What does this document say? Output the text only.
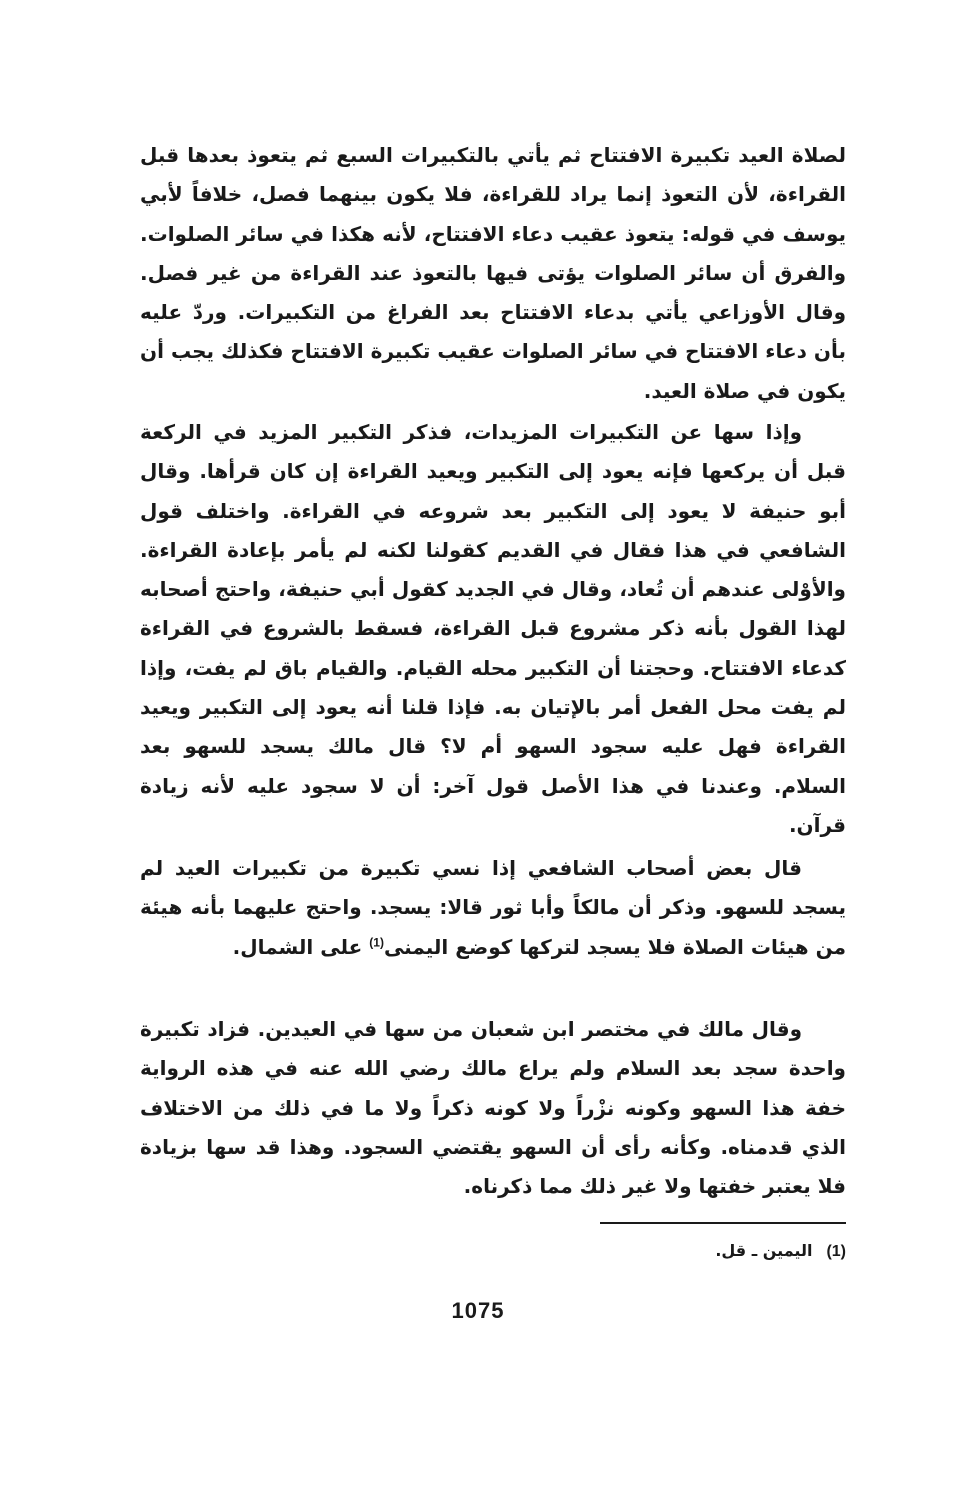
لصلاة العيد تكبيرة الافتتاح ثم يأتي بالتكبيرات السبع ثم يتعوذ بعدها قبل القراءة، لأن التعوذ إنما يراد للقراءة، فلا يكون بينهما فصل، خلافاً لأبي يوسف في قوله: يتعوذ عقيب دعاء الافتتاح، لأنه هكذا في سائر الصلوات. والفرق أن سائر الصلوات يؤتى فيها بالتعوذ عند القراءة من غير فصل. وقال الأوزاعي يأتي بدعاء الافتتاح بعد الفراغ من التكبيرات. وردّ عليه بأن دعاء الافتتاح في سائر الصلوات عقيب تكبيرة الافتتاح فكذلك يجب أن يكون في صلاة العيد.

وإذا سها عن التكبيرات المزيدات، فذكر التكبير المزيد في الركعة قبل أن يركعها فإنه يعود إلى التكبير ويعيد القراءة إن كان قرأها. وقال أبو حنيفة لا يعود إلى التكبير بعد شروعه في القراءة. واختلف قول الشافعي في هذا فقال في القديم كقولنا لكنه لم يأمر بإعادة القراءة. والأوْلى عندهم أن تُعاد، وقال في الجديد كقول أبي حنيفة، واحتج أصحابه لهذا القول بأنه ذكر مشروع قبل القراءة، فسقط بالشروع في القراءة كدعاء الافتتاح. وحجتنا أن التكبير محله القيام. والقيام باق لم يفت، وإذا لم يفت محل الفعل أمر بالإتيان به. فإذا قلنا أنه يعود إلى التكبير ويعيد القراءة فهل عليه سجود السهو أم لا؟ قال مالك يسجد للسهو بعد السلام. وعندنا في هذا الأصل قول آخر: أن لا سجود عليه لأنه زيادة قرآن.

قال بعض أصحاب الشافعي إذا نسي تكبيرة من تكبيرات العيد لم يسجد للسهو. وذكر أن مالكاً وأبا ثور قالا: يسجد. واحتج عليهما بأنه هيئة من هيئات الصلاة فلا يسجد لتركها كوضع اليمنى$^{(1)}$ على الشمال.

وقال مالك في مختصر ابن شعبان من سها في العيدين. فزاد تكبيرة واحدة سجد بعد السلام ولم يراع مالك رضي الله عنه في هذه الرواية خفة هذا السهو وكونه نزْراً ولا كونه ذكراً ولا ما في ذلك من الاختلاف الذي قدمناه. وكأنه رأى أن السهو يقتضي السجود. وهذا قد سها بزيادة فلا يعتبر خفتها ولا غير ذلك مما ذكرناه.

(1)اليمين ـ قل.
1075
